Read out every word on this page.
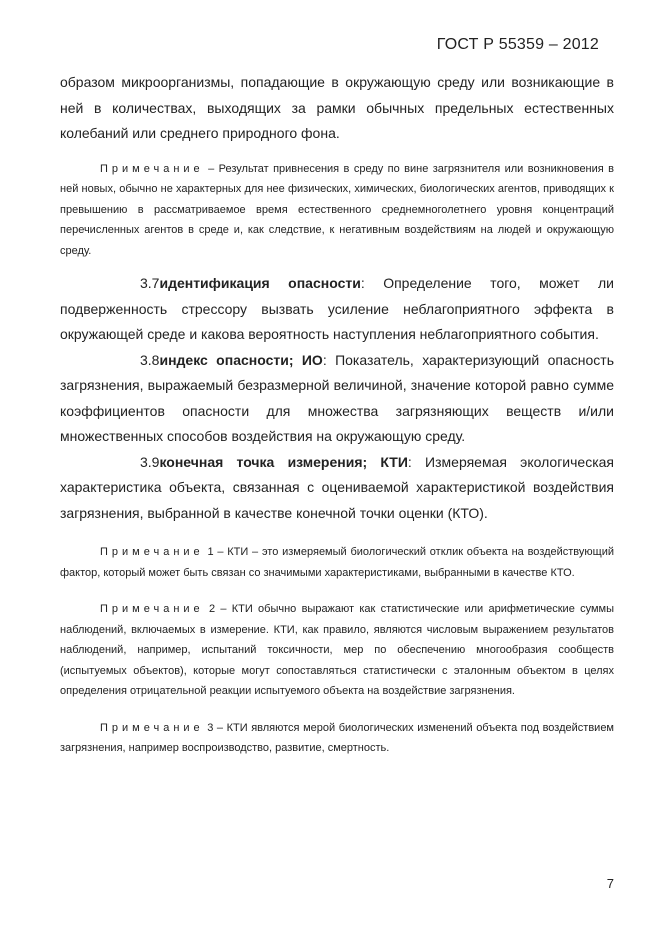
ГОСТ Р 55359 – 2012

образом микроорганизмы, попадающие в окружающую среду или возникающие в ней в количествах, выходящих за рамки обычных предельных естественных колебаний или среднего природного фона.

Примечание – Результат привнесения в среду по вине загрязнителя или возникновения в ней новых, обычно не характерных для нее физических, химических, биологических агентов, приводящих к превышению в рассматриваемое время естественного среднемноголетнего уровня концентраций перечисленных агентов в среде и, как следствие, к негативным воздействиям на людей и окружающую среду.

3.7идентификация опасности: Определение того, может ли подверженность стрессору вызвать усиление неблагоприятного эффекта в окружающей среде и какова вероятность наступления неблагоприятного события.

3.8индекс опасности; ИО: Показатель, характеризующий опасность загрязнения, выражаемый безразмерной величиной, значение которой равно сумме коэффициентов опасности для множества загрязняющих веществ и/или множественных способов воздействия на окружающую среду.

3.9конечная точка измерения; КТИ: Измеряемая экологическая характеристика объекта, связанная с оцениваемой характеристикой воздействия загрязнения, выбранной в качестве конечной точки оценки (КТО).

Примечание 1 – КТИ – это измеряемый биологический отклик объекта на воздействующий фактор, который может быть связан со значимыми характеристиками, выбранными в качестве КТО.

Примечание 2 – КТИ обычно выражают как статистические или арифметические суммы наблюдений, включаемых в измерение. КТИ, как правило, являются числовым выражением результатов наблюдений, например, испытаний токсичности, мер по обеспечению многообразия сообществ (испытуемых объектов), которые могут сопоставляться статистически с эталонным объектом в целях определения отрицательной реакции испытуемого объекта на воздействие загрязнения.

Примечание 3 – КТИ являются мерой биологических изменений объекта под воздействием загрязнения, например воспроизводство, развитие, смертность.

7
